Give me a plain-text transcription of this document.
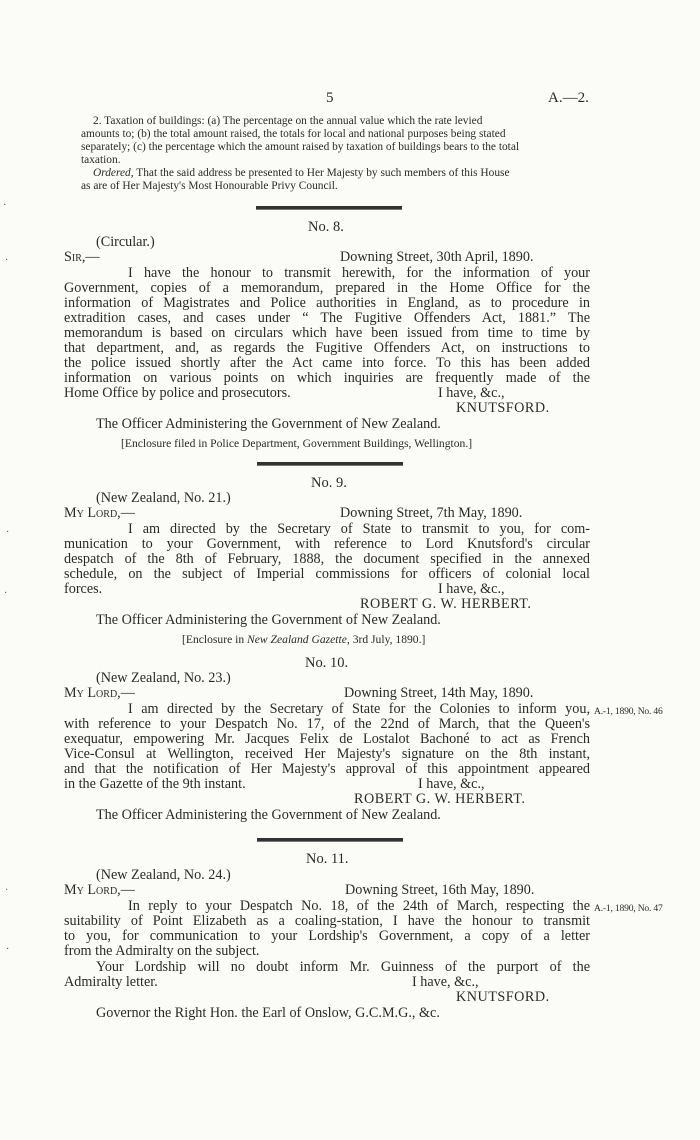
5	A.—2.
2. Taxation of buildings: (a) The percentage on the annual value which the rate levied
amounts to; (b) the total amount raised, the totals for local and national purposes being stated
separately; (c) the percentage which the amount raised by taxation of buildings bears to the total
taxation.
Ordered, That the said address be presented to Her Majesty by such members of this House
as are of Her Majesty's Most Honourable Privy Council.
No. 8.
(Circular.)
Sir,—	Downing Street, 30th April, 1890.
I have the honour to transmit herewith, for the information of your
Government, copies of a memorandum, prepared in the Home Office for the
information of Magistrates and Police authorities in England, as to procedure in
extradition cases, and cases under “ The Fugitive Offenders Act, 1881.” The
memorandum is based on circulars which have been issued from time to time by
that department, and, as regards the Fugitive Offenders Act, on instructions to
the police issued shortly after the Act came into force. To this has been added
information on various points on which inquiries are frequently made of the
Home Office by police and prosecutors.	I have, &c.,
KNUTSFORD.
The Officer Administering the Government of New Zealand.
[Enclosure filed in Police Department, Government Buildings, Wellington.]
No. 9.
(New Zealand, No. 21.)
My Lord,—	Downing Street, 7th May, 1890.
I am directed by the Secretary of State to transmit to you, for com-
munication to your Government, with reference to Lord Knutsford's circular
despatch of the 8th of February, 1888, the document specified in the annexed
schedule, on the subject of Imperial commissions for officers of colonial local
forces.	I have, &c.,
ROBERT G. W. HERBERT.
The Officer Administering the Government of New Zealand.
[Enclosure in New Zealand Gazette, 3rd July, 1890.]
No. 10.
(New Zealand, No. 23.)
My Lord,—	Downing Street, 14th May, 1890.
I am directed by the Secretary of State for the Colonies to inform you, A.-1, 1890, No. 46
with reference to your Despatch No. 17, of the 22nd of March, that the Queen's
exequatur, empowering Mr. Jacques Felix de Lostalot Bachoné to act as French
Vice-Consul at Wellington, received Her Majesty's signature on the 8th instant,
and that the notification of Her Majesty's approval of this appointment appeared
in the Gazette of the 9th instant.	I have, &c.,
ROBERT G. W. HERBERT.
The Officer Administering the Government of New Zealand.
No. 11.
(New Zealand, No. 24.)
My Lord,—	Downing Street, 16th May, 1890.
In reply to your Despatch No. 18, of the 24th of March, respecting the A.-1, 1890, No. 47
suitability of Point Elizabeth as a coaling-station, I have the honour to transmit
to you, for communication to your Lordship's Government, a copy of a letter
from the Admiralty on the subject.
Your Lordship will no doubt inform Mr. Guinness of the purport of the
Admiralty letter.	I have, &c.,
KNUTSFORD.
Governor the Right Hon. the Earl of Onslow, G.C.M.G., &c.
·
·
·
·
·
·
